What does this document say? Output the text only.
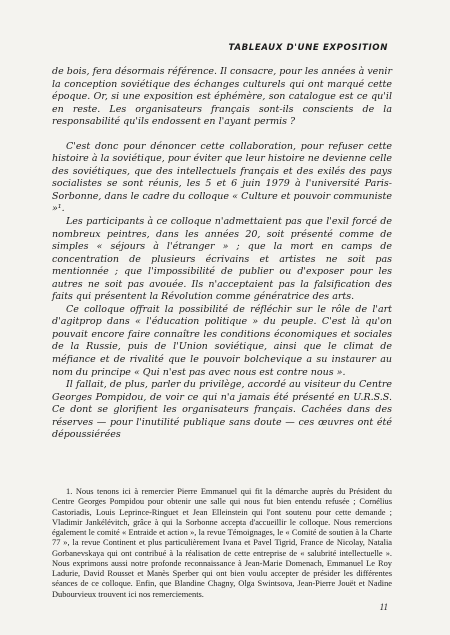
TABLEAUX D'UNE EXPOSITION

de bois, fera désormais référence. Il consacre, pour les années à venir la conception soviétique des échanges culturels qui ont marqué cette époque. Or, si une exposition est éphémère, son catalogue est ce qu'il en reste. Les organisateurs français sont-ils conscients de la responsabilité qu'ils endossent en l'ayant permis ?

C'est donc pour dénoncer cette collaboration, pour refuser cette histoire à la soviétique, pour éviter que leur histoire ne devienne celle des soviétiques, que des intellectuels français et des exilés des pays socialistes se sont réunis, les 5 et 6 juin 1979 à l'université Paris-Sorbonne, dans le cadre du colloque « Culture et pouvoir communiste »¹.

Les participants à ce colloque n'admettaient pas que l'exil forcé de nombreux peintres, dans les années 20, soit présenté comme de simples « séjours à l'étranger » ; que la mort en camps de concentration de plusieurs écrivains et artistes ne soit pas mentionnée ; que l'impossibilité de publier ou d'exposer pour les autres ne soit pas avouée. Ils n'acceptaient pas la falsification des faits qui présentent la Révolution comme génératrice des arts.

Ce colloque offrait la possibilité de réfléchir sur le rôle de l'art d'agitprop dans « l'éducation politique » du peuple. C'est là qu'on pouvait encore faire connaître les conditions économiques et sociales de la Russie, puis de l'Union soviétique, ainsi que le climat de méfiance et de rivalité que le pouvoir bolchevique a su instaurer au nom du principe « Qui n'est pas avec nous est contre nous ».

Il fallait, de plus, parler du privilège, accordé au visiteur du Centre Georges Pompidou, de voir ce qui n'a jamais été présenté en U.R.S.S. Ce dont se glorifient les organisateurs français. Cachées dans des réserves — pour l'inutilité publique sans doute — ces œuvres ont été dépoussiérées

1. Nous tenons ici à remercier Pierre Emmanuel qui fit la démarche auprès du Président du Centre Georges Pompidou pour obtenir une salle qui nous fut bien entendu refusée ; Cornélius Castoriadis, Louis Leprince-Ringuet et Jean Elleinstein qui l'ont soutenu pour cette demande ; Vladimir Jankélévitch, grâce à qui la Sorbonne accepta d'accueillir le colloque. Nous remercions également le comité « Entraide et action », la revue Témoignages, le « Comité de soutien à la Charte 77 », la revue Continent et plus particulièrement Ivana et Pavel Tigrid, France de Nicolay, Natalia Gorbanevskaya qui ont contribué à la réalisation de cette entreprise de « salubrité intellectuelle ». Nous exprimons aussi notre profonde reconnaissance à Jean-Marie Domenach, Emmanuel Le Roy Ladurie, David Rousset et Manès Sperber qui ont bien voulu accepter de présider les différentes séances de ce colloque. Enfin, que Blandine Chagny, Olga Swintsova, Jean-Pierre Jouët et Nadine Dubourvieux trouvent ici nos remerciements.

11
